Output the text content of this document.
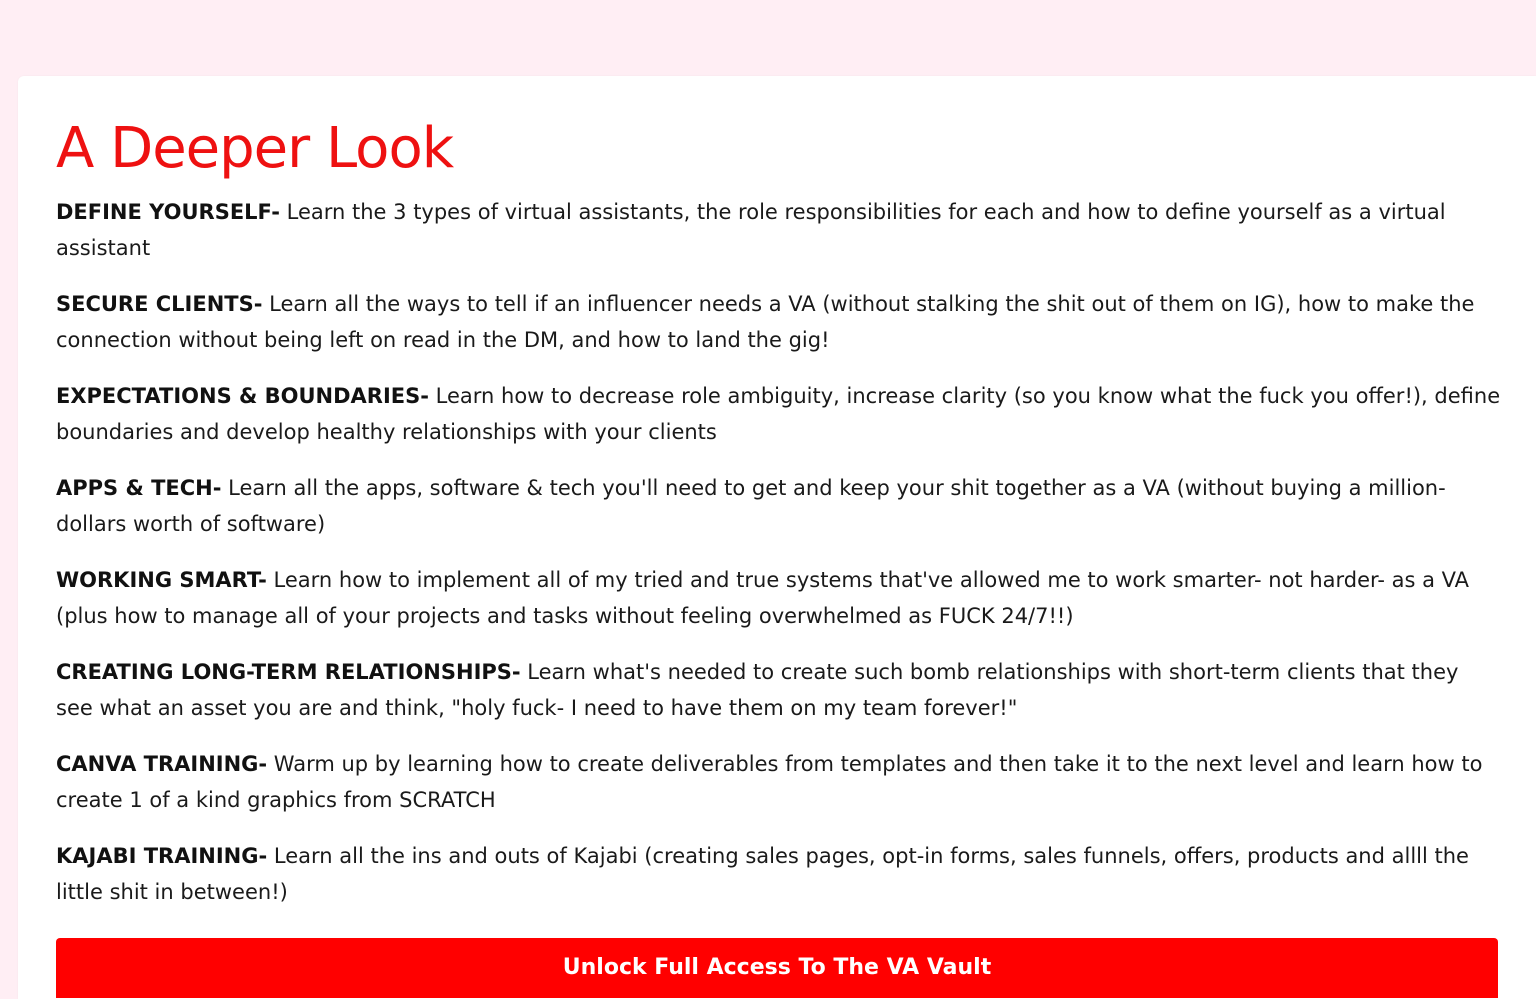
A Deeper Look
DEFINE YOURSELF- Learn the 3 types of virtual assistants, the role responsibilities for each and how to define yourself as a virtual assistant
SECURE CLIENTS- Learn all the ways to tell if an influencer needs a VA (without stalking the shit out of them on IG), how to make the connection without being left on read in the DM, and how to land the gig!
EXPECTATIONS & BOUNDARIES- Learn how to decrease role ambiguity, increase clarity (so you know what the fuck you offer!), define boundaries and develop healthy relationships with your clients
APPS & TECH- Learn all the apps, software & tech you'll need to get and keep your shit together as a VA (without buying a million-dollars worth of software)
WORKING SMART- Learn how to implement all of my tried and true systems that've allowed me to work smarter- not harder- as a VA (plus how to manage all of your projects and tasks without feeling overwhelmed as FUCK 24/7!!)
CREATING LONG-TERM RELATIONSHIPS- Learn what's needed to create such bomb relationships with short-term clients that they see what an asset you are and think, "holy fuck- I need to have them on my team forever!"
CANVA TRAINING- Warm up by learning how to create deliverables from templates and then take it to the next level and learn how to create 1 of a kind graphics from SCRATCH
KAJABI TRAINING- Learn all the ins and outs of Kajabi (creating sales pages, opt-in forms, sales funnels, offers, products and allll the little shit in between!)
Unlock Full Access To The VA Vault
